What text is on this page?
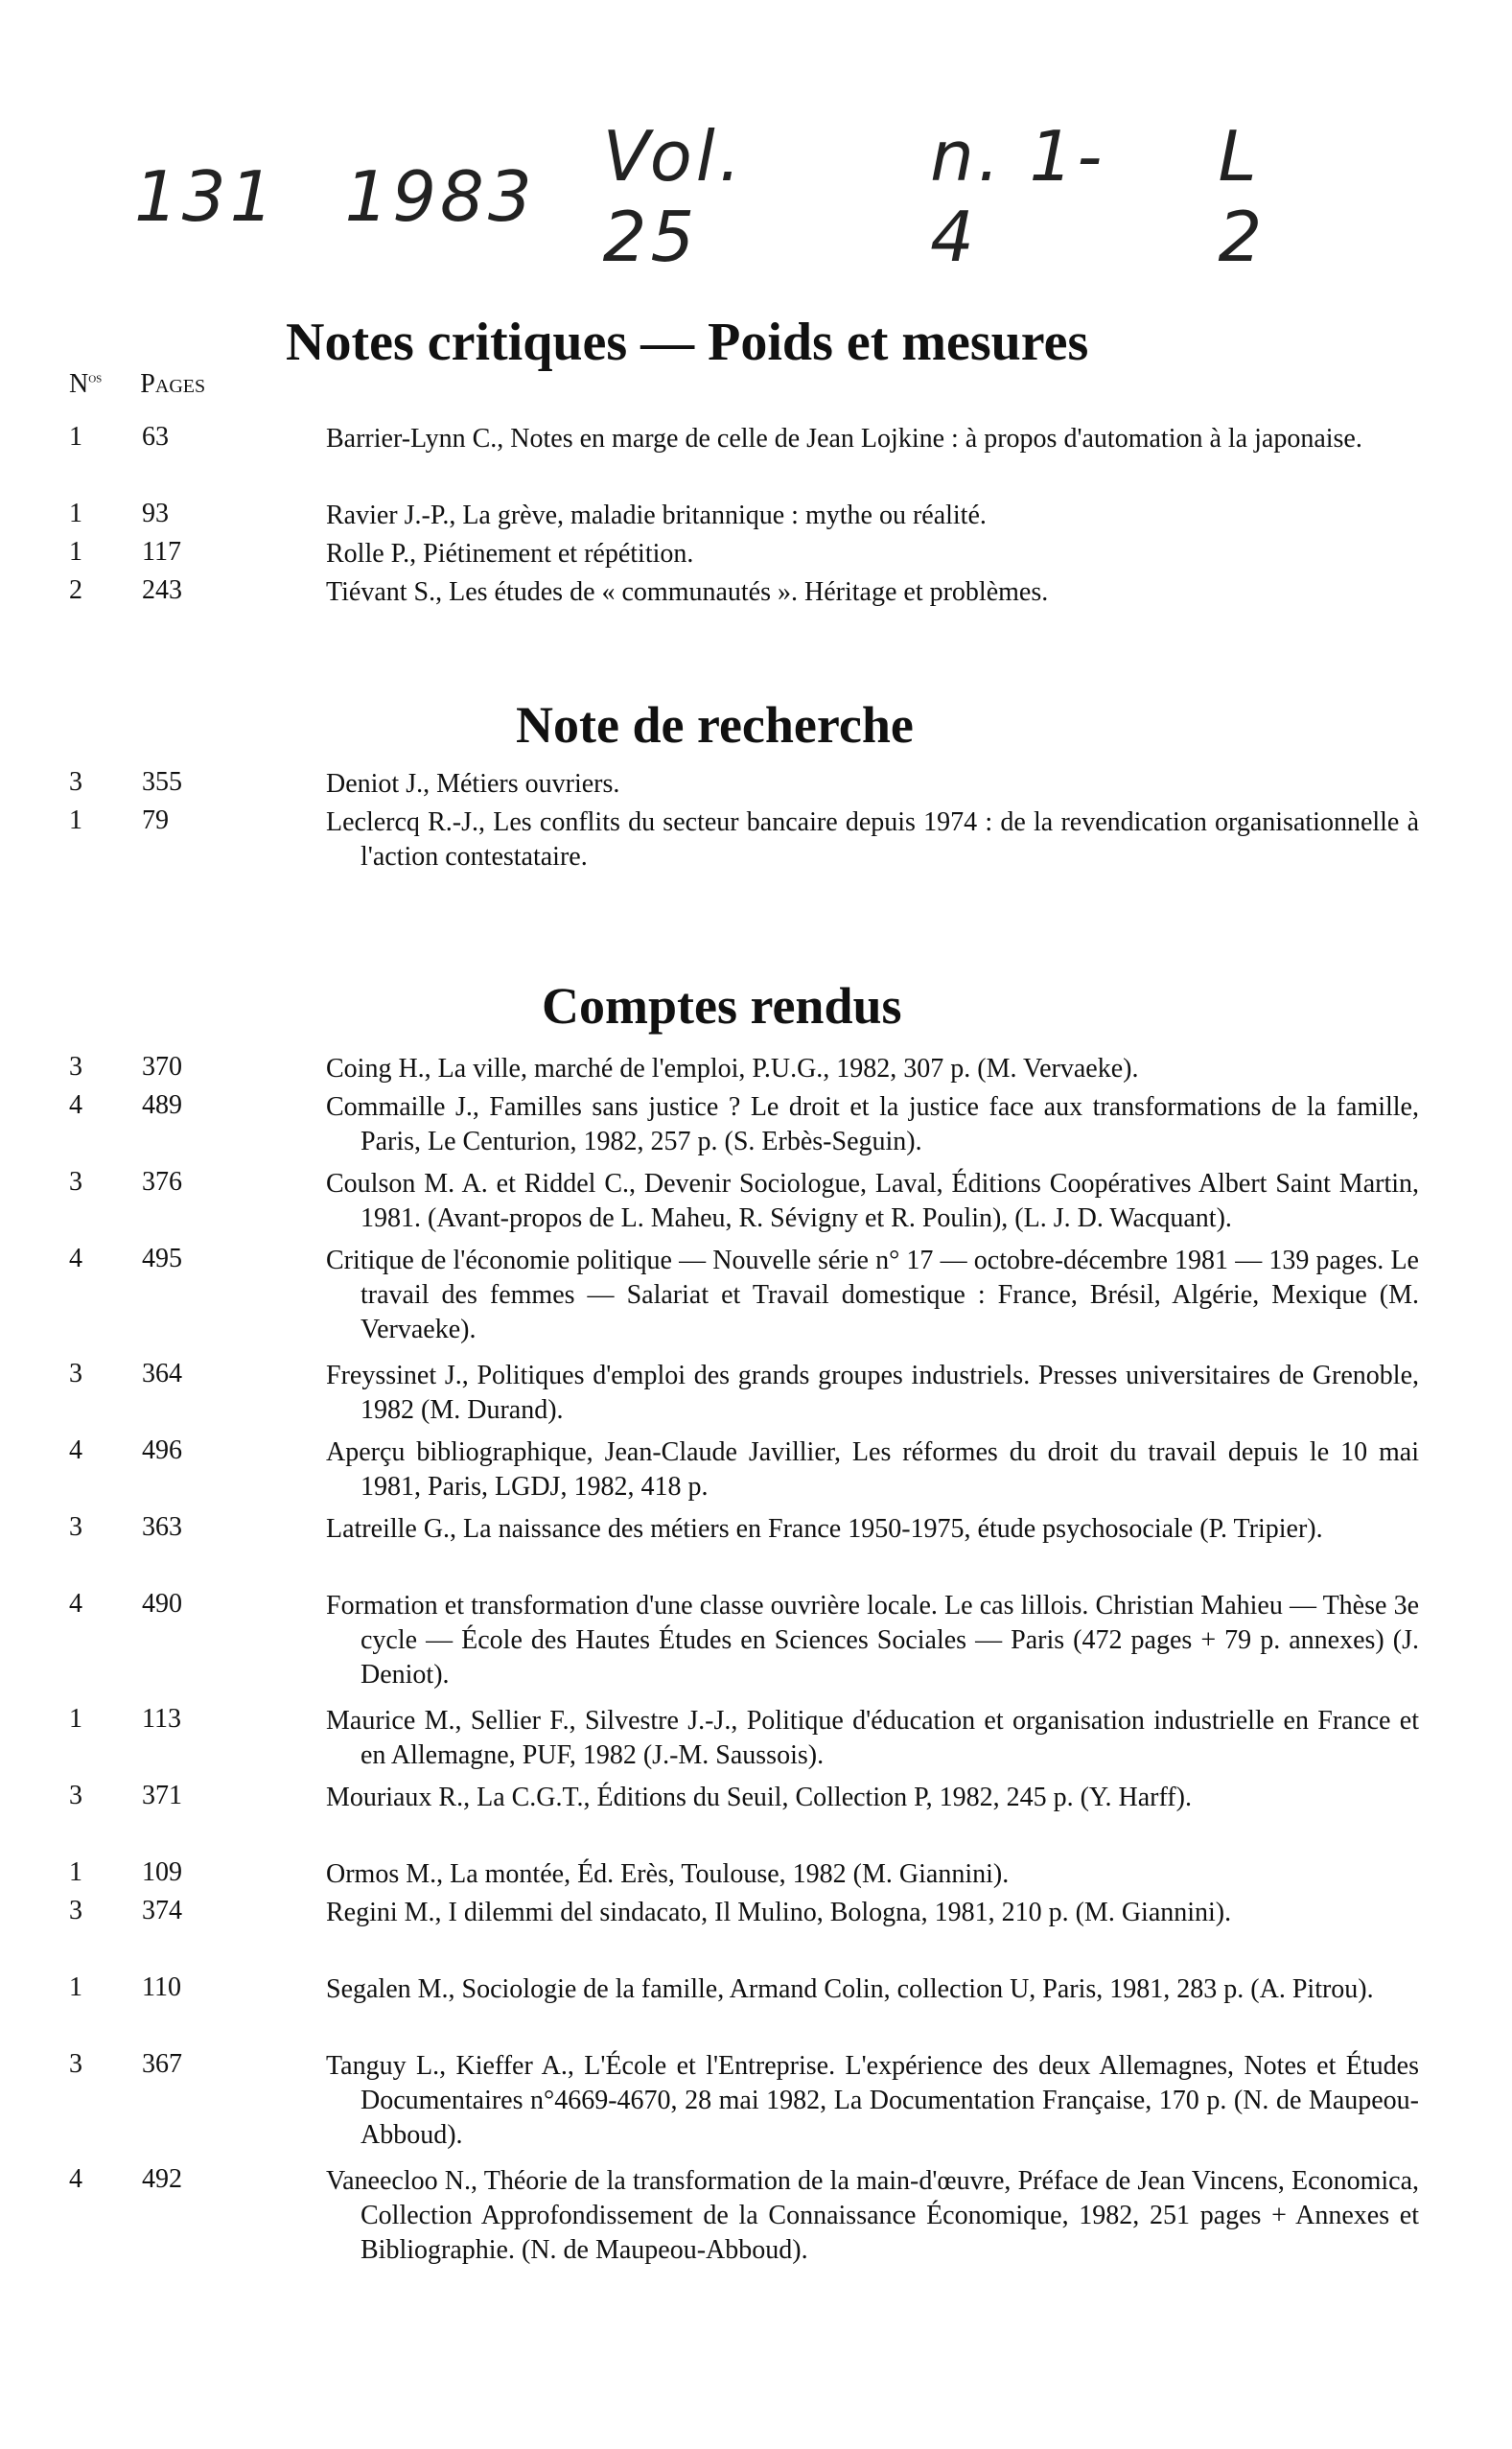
131 1983 Vol. 25
n. 1-4
L 2
$N^{os}$ Pages
Notes critiques — Poids et mesures
Note de recherche
Comptes rendus
1	63	Barrier-Lynn C., Notes en marge de celle de Jean Lojkine : à propos d'automation à la japonaise.
1	93	Ravier J.-P., La grève, maladie britannique : mythe ou réalité.
1	117	Rolle P., Piétinement et répétition.
2	243	Tiévant S., Les études de « communautés ». Héritage et problèmes.
3	355	Deniot J., Métiers ouvriers.
1	79	Leclercq R.-J., Les conflits du secteur bancaire depuis 1974 : de la revendication organisationnelle à l'action contestataire.
3	370	Coing H., La ville, marché de l'emploi, P.U.G., 1982, 307 p. (M. Vervaeke).
4	489	Commaille J., Familles sans justice ? Le droit et la justice face aux transformations de la famille, Paris, Le Centurion, 1982, 257 p. (S. Erbès-Seguin).
3	376	Coulson M. A. et Riddel C., Devenir Sociologue, Laval, Éditions Coopératives Albert Saint Martin, 1981. (Avant-propos de L. Maheu, R. Sévigny et R. Poulin), (L. J. D. Wacquant).
4	495	Critique de l'économie politique — Nouvelle série n° 17 — octobre-décembre 1981 — 139 pages. Le travail des femmes — Salariat et Travail domestique : France, Brésil, Algérie, Mexique (M. Vervaeke).
3	364	Freyssinet J., Politiques d'emploi des grands groupes industriels. Presses universitaires de Grenoble, 1982 (M. Durand).
4	496	Aperçu bibliographique, Jean-Claude Javillier, Les réformes du droit du travail depuis le 10 mai 1981, Paris, LGDJ, 1982, 418 p.
3	363	Latreille G., La naissance des métiers en France 1950-1975, étude psychosociale (P. Tripier).
4	490	Formation et transformation d'une classe ouvrière locale. Le cas lillois. Christian Mahieu — Thèse 3e cycle — École des Hautes Études en Sciences Sociales — Paris (472 pages + 79 p. annexes) (J. Deniot).
1	113	Maurice M., Sellier F., Silvestre J.-J., Politique d'éducation et organisation industrielle en France et en Allemagne, PUF, 1982 (J.-M. Saussois).
3	371	Mouriaux R., La C.G.T., Éditions du Seuil, Collection P, 1982, 245 p. (Y. Harff).
1	109	Ormos M., La montée, Éd. Erès, Toulouse, 1982 (M. Giannini).
3	374	Regini M., I dilemmi del sindacato, Il Mulino, Bologna, 1981, 210 p. (M. Giannini).
1	110	Segalen M., Sociologie de la famille, Armand Colin, collection U, Paris, 1981, 283 p. (A. Pitrou).
3	367	Tanguy L., Kieffer A., L'École et l'Entreprise. L'expérience des deux Allemagnes, Notes et Études Documentaires n°4669-4670, 28 mai 1982, La Documentation Française, 170 p. (N. de Maupeou-Abboud).
4	492	Vaneecloo N., Théorie de la transformation de la main-d'œuvre, Préface de Jean Vincens, Economica, Collection Approfondissement de la Connaissance Économique, 1982, 251 pages + Annexes et Bibliographie. (N. de Maupeou-Abboud).
